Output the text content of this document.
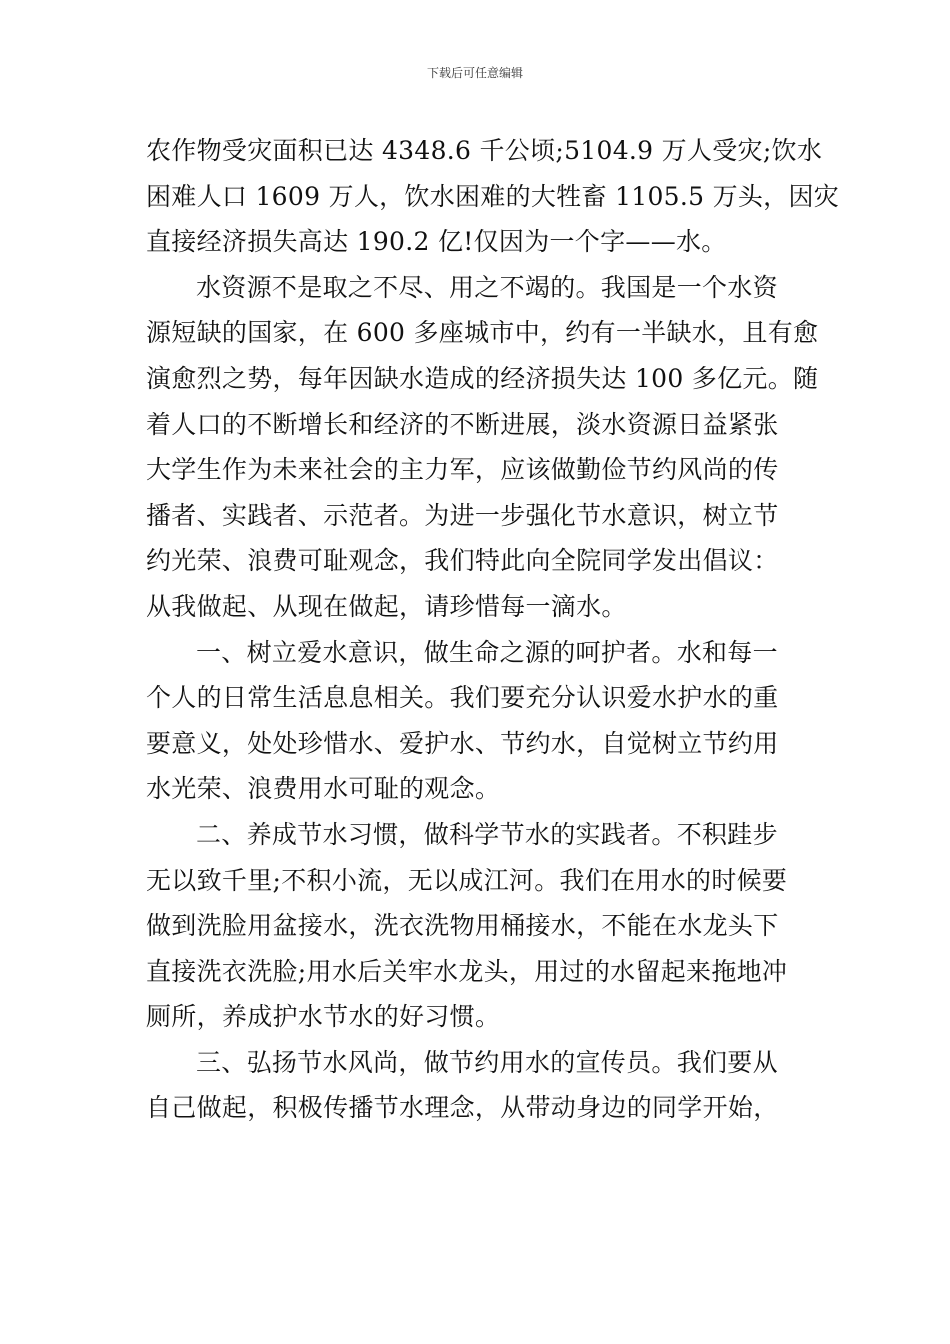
下载后可任意编辑
农作物受灾面积已达 4348.6 千公顷;5104.9 万人受灾;饮水
困难人口 1609 万人，饮水困难的大牲畜 1105.5 万头，因灾
直接经济损失高达 190.2 亿!仅因为一个字——水。
水资源不是取之不尽、用之不竭的。我国是一个水资
源短缺的国家，在 600 多座城市中，约有一半缺水，且有愈
演愈烈之势，每年因缺水造成的经济损失达 100 多亿元。随
着人口的不断增长和经济的不断进展，淡水资源日益紧张
大学生作为未来社会的主力军，应该做勤俭节约风尚的传
播者、实践者、示范者。为进一步强化节水意识，树立节
约光荣、浪费可耻观念，我们特此向全院同学发出倡议：
从我做起、从现在做起，请珍惜每一滴水。
一、树立爱水意识，做生命之源的呵护者。水和每一
个人的日常生活息息相关。我们要充分认识爱水护水的重
要意义，处处珍惜水、爱护水、节约水，自觉树立节约用
水光荣、浪费用水可耻的观念。
二、养成节水习惯，做科学节水的实践者。不积跬步
无以致千里;不积小流，无以成江河。我们在用水的时候要
做到洗脸用盆接水，洗衣洗物用桶接水，不能在水龙头下
直接洗衣洗脸;用水后关牢水龙头，用过的水留起来拖地冲
厕所，养成护水节水的好习惯。
三、弘扬节水风尚，做节约用水的宣传员。我们要从
自己做起，积极传播节水理念，从带动身边的同学开始，
